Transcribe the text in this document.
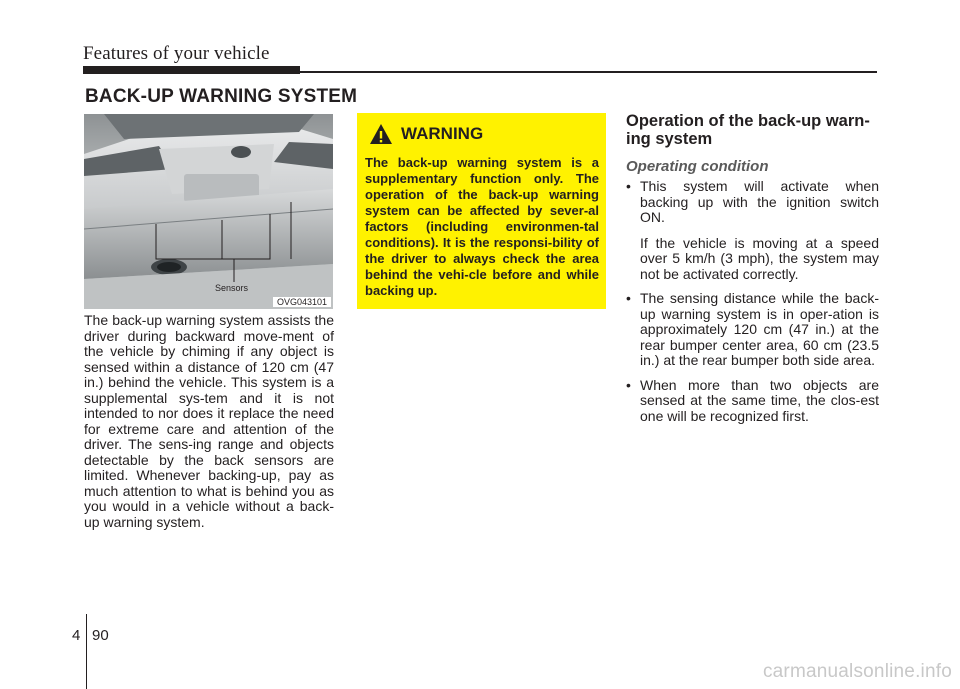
Features of your vehicle
BACK-UP WARNING SYSTEM
Sensors
OVG043101
The back-up warning system assists the driver during backward move-ment of the vehicle by chiming if any object is sensed within a distance of 120 cm (47 in.) behind the vehicle. This system is a supplemental sys-tem and it is not intended to nor does it replace the need for extreme care and attention of the driver. The sens-ing range and objects detectable by the back sensors are limited. Whenever backing-up, pay as much attention to what is behind you as you would in a vehicle without a back-up warning system.
WARNING
The back-up warning system is a supplementary function only. The operation of the back-up warning system can be affected by sever-al factors (including environmen-tal conditions). It is the responsi-bility of the driver to always check the area behind the vehi-cle before and while backing up.
Operation of the back-up warn-ing system
Operating condition
• This system will activate when backing up with the ignition switch ON.
If the vehicle is moving at a speed over 5 km/h (3 mph), the system may not be activated correctly.
• The sensing distance while the back-up warning system is in oper-ation is approximately 120 cm (47 in.) at the rear bumper center area, 60 cm (23.5 in.) at the rear bumper both side area.
• When more than two objects are sensed at the same time, the clos-est one will be recognized first.
4 90
carmanualsonline.info
